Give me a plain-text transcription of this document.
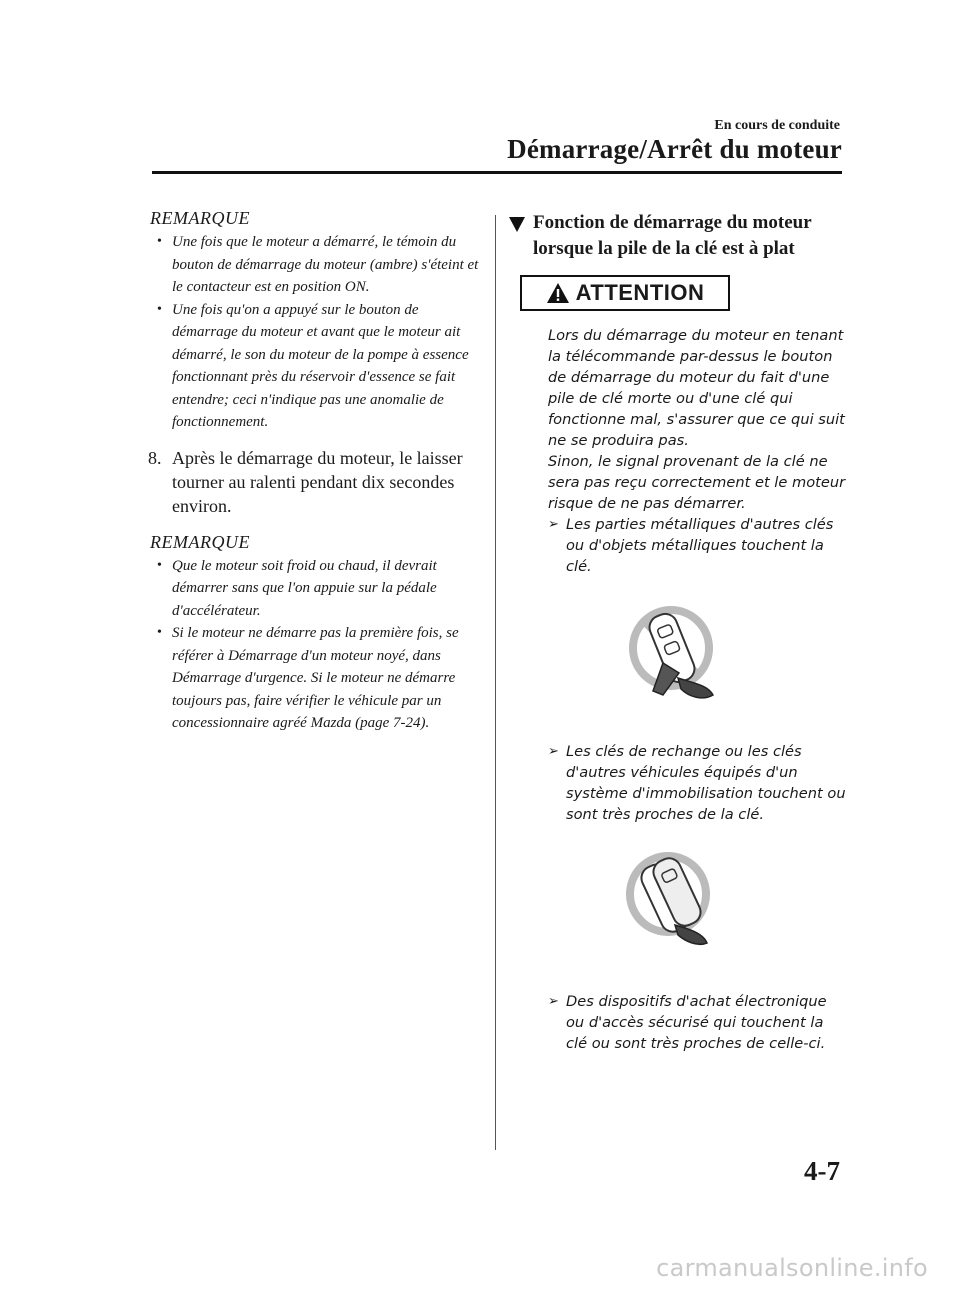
En cours de conduite
Démarrage/Arrêt du moteur
REMARQUE
• Une fois que le moteur a démarré, le témoin du bouton de démarrage du moteur (ambre) s'éteint et le contacteur est en position ON.
• Une fois qu'on a appuyé sur le bouton de démarrage du moteur et avant que le moteur ait démarré, le son du moteur de la pompe à essence fonctionnant près du réservoir d'essence se fait entendre; ceci n'indique pas une anomalie de fonctionnement.
8. Après le démarrage du moteur, le laisser tourner au ralenti pendant dix secondes environ.
REMARQUE
• Que le moteur soit froid ou chaud, il devrait démarrer sans que l'on appuie sur la pédale d'accélérateur.
• Si le moteur ne démarre pas la première fois, se référer à Démarrage d'un moteur noyé, dans Démarrage d'urgence. Si le moteur ne démarre toujours pas, faire vérifier le véhicule par un concessionnaire agréé Mazda (page 7-24).
Fonction de démarrage du moteur lorsque la pile de la clé est à plat
ATTENTION
Lors du démarrage du moteur en tenant la télécommande par-dessus le bouton de démarrage du moteur du fait d'une pile de clé morte ou d'une clé qui fonctionne mal, s'assurer que ce qui suit ne se produira pas.
Sinon, le signal provenant de la clé ne sera pas reçu correctement et le moteur risque de ne pas démarrer.
➢ Les parties métalliques d'autres clés ou d'objets métalliques touchent la clé.
➢ Les clés de rechange ou les clés d'autres véhicules équipés d'un système d'immobilisation touchent ou sont très proches de la clé.
➢ Des dispositifs d'achat électronique ou d'accès sécurisé qui touchent la clé ou sont très proches de celle-ci.
4-7
carmanualsonline.info
